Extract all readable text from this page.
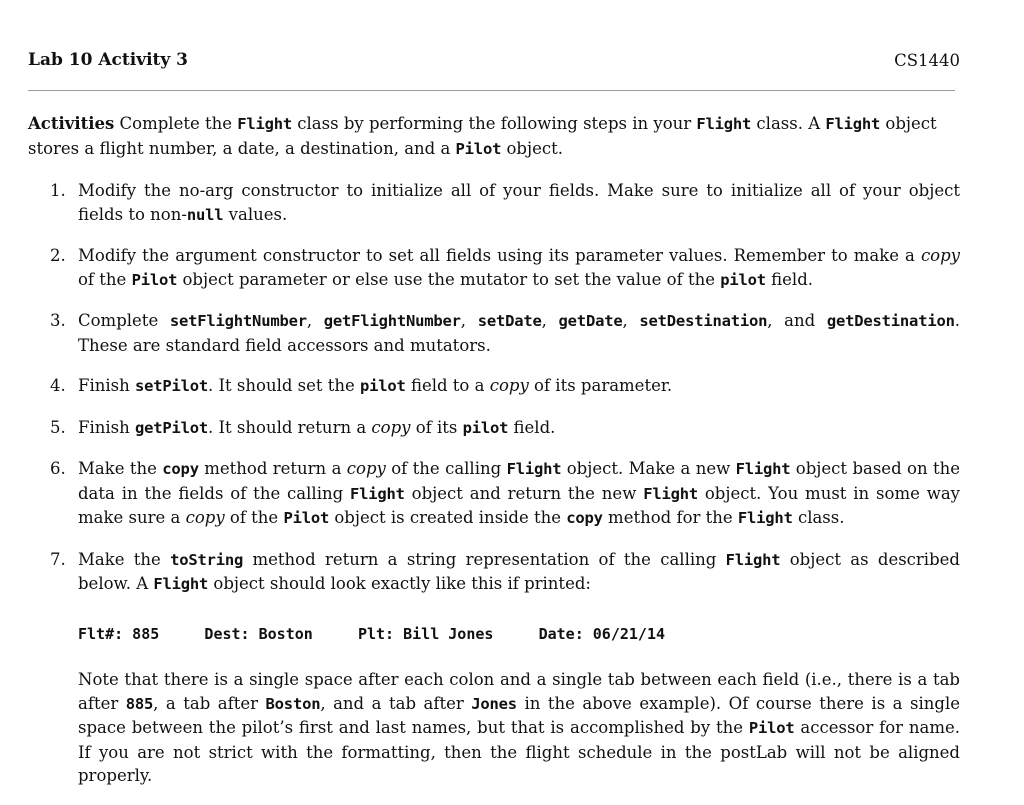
Lab 10 Activity 3	CS1440
Activities Complete the Flight class by performing the following steps in your Flight class. A Flight object stores a flight number, a date, a destination, and a Pilot object.
1. Modify the no-arg constructor to initialize all of your fields. Make sure to initialize all of your object fields to non-null values.
2. Modify the argument constructor to set all fields using its parameter values. Remember to make a copy of the Pilot object parameter or else use the mutator to set the value of the pilot field.
3. Complete setFlightNumber, getFlightNumber, setDate, getDate, setDestination, and getDestination. These are standard field accessors and mutators.
4. Finish setPilot. It should set the pilot field to a copy of its parameter.
5. Finish getPilot. It should return a copy of its pilot field.
6. Make the copy method return a copy of the calling Flight object. Make a new Flight object based on the data in the fields of the calling Flight object and return the new Flight object. You must in some way make sure a copy of the Pilot object is created inside the copy method for the Flight class.
7. Make the toString method return a string representation of the calling Flight object as described below. A Flight object should look exactly like this if printed:
Flt#: 885     Dest: Boston     Plt: Bill Jones     Date: 06/21/14
Note that there is a single space after each colon and a single tab between each field (i.e., there is a tab after 885, a tab after Boston, and a tab after Jones in the above example). Of course there is a single space between the pilot’s first and last names, but that is accomplished by the Pilot accessor for name. If you are not strict with the formatting, then the flight schedule in the postLab will not be aligned properly.
